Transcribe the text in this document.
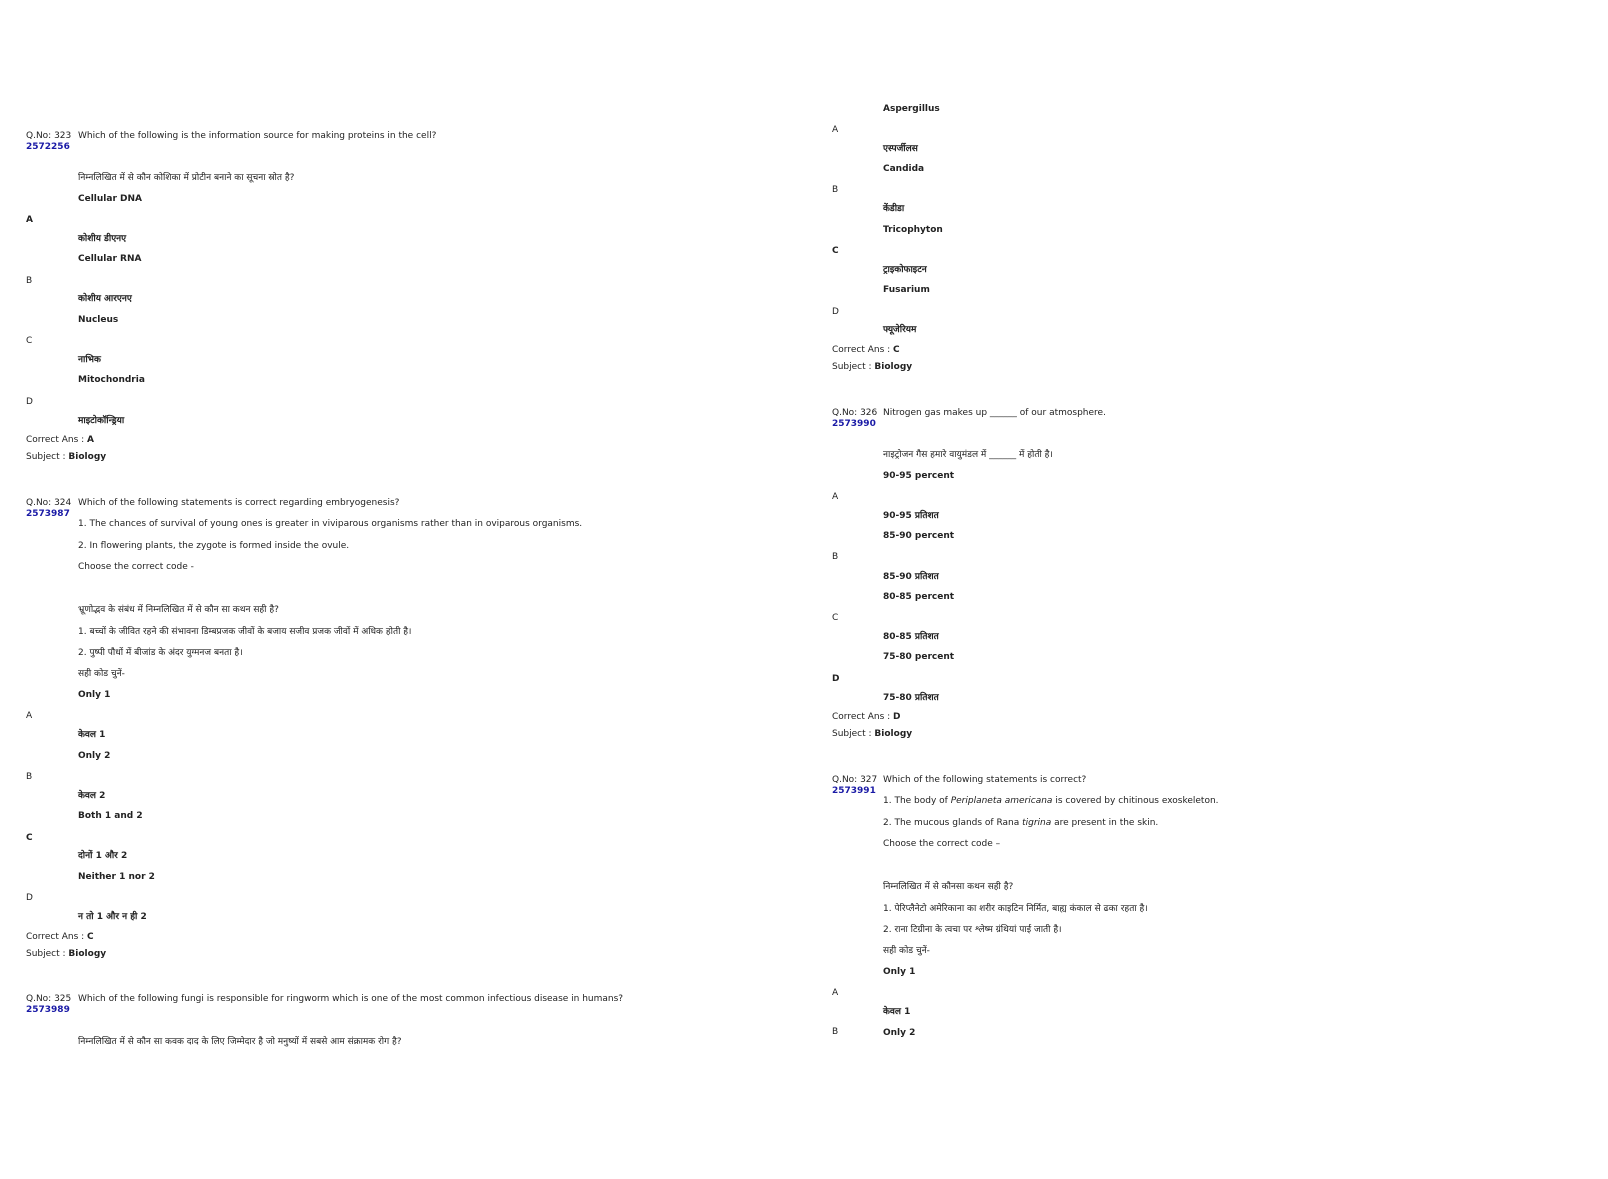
Q.No: 323
2572256
Which of the following is the information source for making proteins in the cell?
निम्नलिखित में से कौन कोशिका में प्रोटीन बनाने का सूचना स्रोत है?
Cellular DNA
A
कोशीय डीएनए
Cellular RNA
B
कोशीय आरएनए
Nucleus
C
नाभिक
Mitochondria
D
माइटोकॉन्ड्रिया
Correct Ans : A
Subject : Biology
Q.No: 324
2573987
Which of the following statements is correct regarding embryogenesis?
1. The chances of survival of young ones is greater in viviparous organisms rather than in oviparous organisms.
2. In flowering plants, the zygote is formed inside the ovule.
Choose the correct code -
भ्रूणोद्भव के संबंध में निम्नलिखित में से कौन सा कथन सही है?
1. बच्चों के जीवित रहने की संभावना डिम्बप्रजक जीवों के बजाय सजीव प्रजक जीवों में अधिक होती है।
2. पुष्पी पौधों में बीजांड के अंदर युग्मनज बनता है।
सही कोड चुनें-
Only 1
A
केवल 1
Only 2
B
केवल 2
Both 1 and 2
C
दोनों 1 और 2
Neither 1 nor 2
D
न तो 1 और न ही 2
Correct Ans : C
Subject : Biology
Q.No: 325
2573989
Which of the following fungi is responsible for ringworm which is one of the most common infectious disease in humans?
निम्नलिखित में से कौन सा कवक दाद के लिए जिम्मेदार है जो मनुष्यों में सबसे आम संक्रामक रोग है?
Aspergillus
A
एस्पर्जीलस
Candida
B
केंडीडा
Tricophyton
C
ट्राइकोफाइटन
Fusarium
D
फ्यूजेरियम
Correct Ans : C
Subject : Biology
Q.No: 326
2573990
Nitrogen gas makes up ______ of our atmosphere.
नाइट्रोजन गैस हमारे वायुमंडल में ______ में होती है।
90-95 percent
A
90-95 प्रतिशत
85-90 percent
B
85-90 प्रतिशत
80-85 percent
C
80-85 प्रतिशत
75-80 percent
D
75-80 प्रतिशत
Correct Ans : D
Subject : Biology
Q.No: 327
2573991
Which of the following statements is correct?
1. The body of Periplaneta americana is covered by chitinous exoskeleton.
2. The mucous glands of Rana tigrina are present in the skin.
Choose the correct code –
निम्नलिखित में से कौनसा कथन सही है?
1. पेरिप्लैनेटो अमेरिकाना का शरीर काइटिन निर्मित, बाह्य कंकाल से ढका रहता है।
2. राना टिग्रीना के त्वचा पर श्लेष्म ग्रंथियां पाई जाती है।
सही कोड चुनें-
Only 1
A
केवल 1
Only 2
B
